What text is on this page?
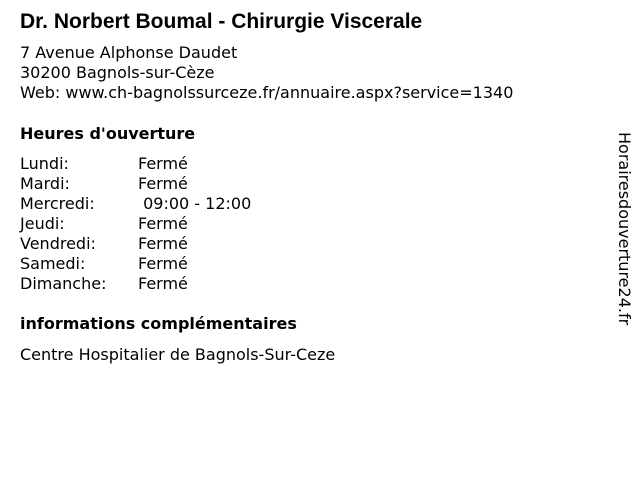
Dr. Norbert Boumal - Chirurgie Viscerale
7 Avenue Alphonse Daudet
30200 Bagnols-sur-Cèze
Web: www.ch-bagnolssurceze.fr/annuaire.aspx?service=1340
Heures d'ouverture
Lundi:	Fermé
Mardi:	Fermé
Mercredi:	09:00 - 12:00
Jeudi:	Fermé
Vendredi:	Fermé
Samedi:	Fermé
Dimanche: Fermé
informations complémentaires
Centre Hospitalier de Bagnols-Sur-Ceze
Horairesdouverture24.fr
